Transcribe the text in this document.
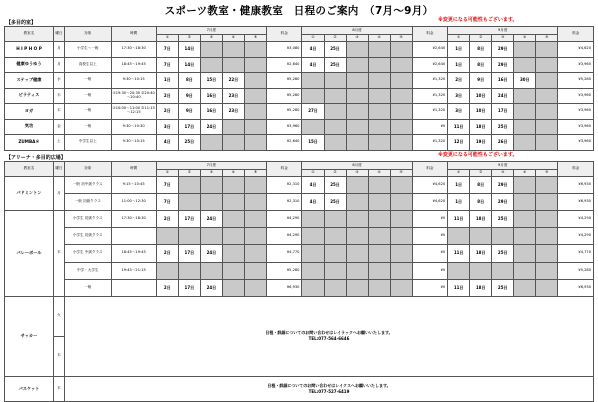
スポーツ教室・健康教室　日程のご案内　（7月～9月）
※変更になる可能性もございます。
【多目的室】
教室名	曜日	対象	時間	7月度					料金	8月度					料金	9月度					料金
				①	②	③	④	⑤		①	②	③	④	⑤		①	②	③	④	⑤	
H I P H O P	月	小学生～一般	17:30～18:30	7日	14日				¥3,080	4日	25日				¥2,640	1日	8日	29日			¥4,620
健康ゆうゆう	月	高校生以上	18:45～19:45	7日	14日				¥2,640	4日	25日				¥2,640	1日	8日	29日			¥3,960
ステップ健康	水	一般	9:30～10:15	1日	8日	15日	22日		¥5,280						¥1,320	2日	9日	16日	30日		¥5,280
ピラティス	木	一般	①19:30～20:30 ②20:40～20:40	2日	9日	16日	23日		¥5,280						¥1,320	3日	10日	24日			¥3,960
ヨガ	木	一般	①10:00～11:00 ②11:15～12:15	2日	9日	16日	23日		¥5,280	27日					¥1,320	3日	10日	17日			¥3,960
気功	金	一般	9:30～10:30	3日	17日	24日			¥3,960						¥0	11日	18日	25日			¥3,960
ZUMBA®	土	中学生以上	9:30～10:15	4日	25日				¥2,640	15日					¥1,320	12日	19日	26日			¥3,960
※変更になる可能性もございます。
【アリーナ・多目的広場】
教室名	曜日	対象	時間	7月度					料金	8月度					料金	9月度					料金
				①	②	③	④	⑤		①	②	③	④	⑤		①	②	③	④	⑤	
バドミントン	月	一般 初中級クラス	9:15～10:45	7日					¥2,310	4日	25日				¥4,620	1日	8日	29日			¥6,930
		一般 初級クラス	11:00～12:30	7日					¥2,310	4日	25日				¥4,620	1日	8日	29日			¥6,930
バレーボール	木	小学生 初級クラス	17:30～18:30	2日	17日	24日			¥4,290						¥0	11日	18日	25日			¥4,290
		小学生 初級クラス							¥4,290						¥0						¥4,290
		小学生 中級クラス	18:45～19:45	2日	17日	24日			¥4,770						¥0	11日	18日	25日			¥4,770
		中学・大学生	19:45～21:15						¥5,280						¥0						¥5,280
		一般		2日	17日	24日			¥6,930						¥0	11日	18日	25日			¥6,930
サッカー	火	日程・詳細についてのお問い合わせはレイラックへお願いいたします。
TEL:077-564-6646																			

	木																				
バスケット	木	日程・詳細についてのお問い合わせはレイクスへお願いいたします。
TEL:077-527-6419																			
